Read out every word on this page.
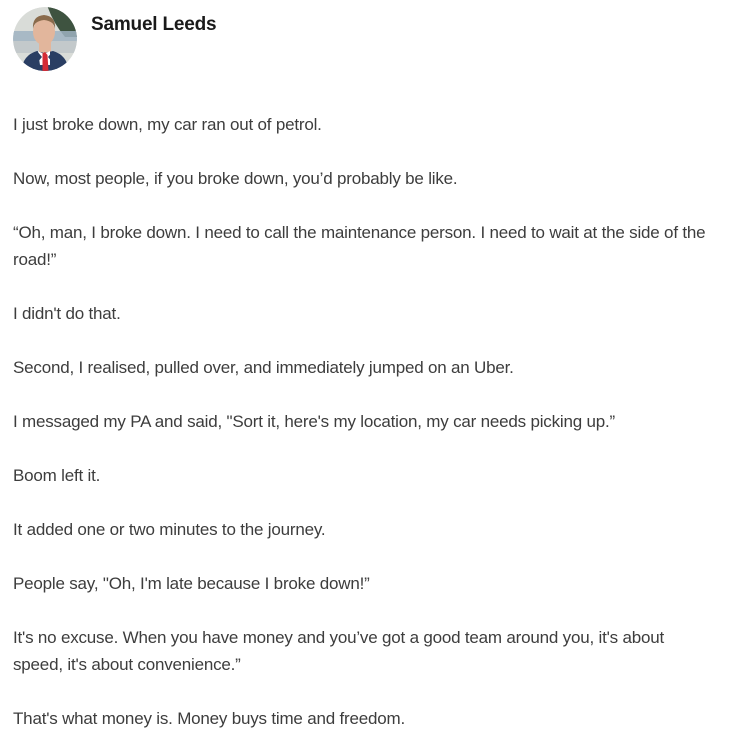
Samuel Leeds

I just broke down, my car ran out of petrol.

Now, most people, if you broke down, you’d probably be like.

“Oh, man, I broke down. I need to call the maintenance person. I need to wait at the side of the road!”

I didn't do that.

Second, I realised, pulled over, and immediately jumped on an Uber.

I messaged my PA and said, "Sort it, here's my location, my car needs picking up.”

Boom left it.

It added one or two minutes to the journey.

People say, "Oh, I'm late because I broke down!”

It's no excuse. When you have money and you’ve got a good team around you, it's about speed, it's about convenience.”

That's what money is. Money buys time and freedom.
